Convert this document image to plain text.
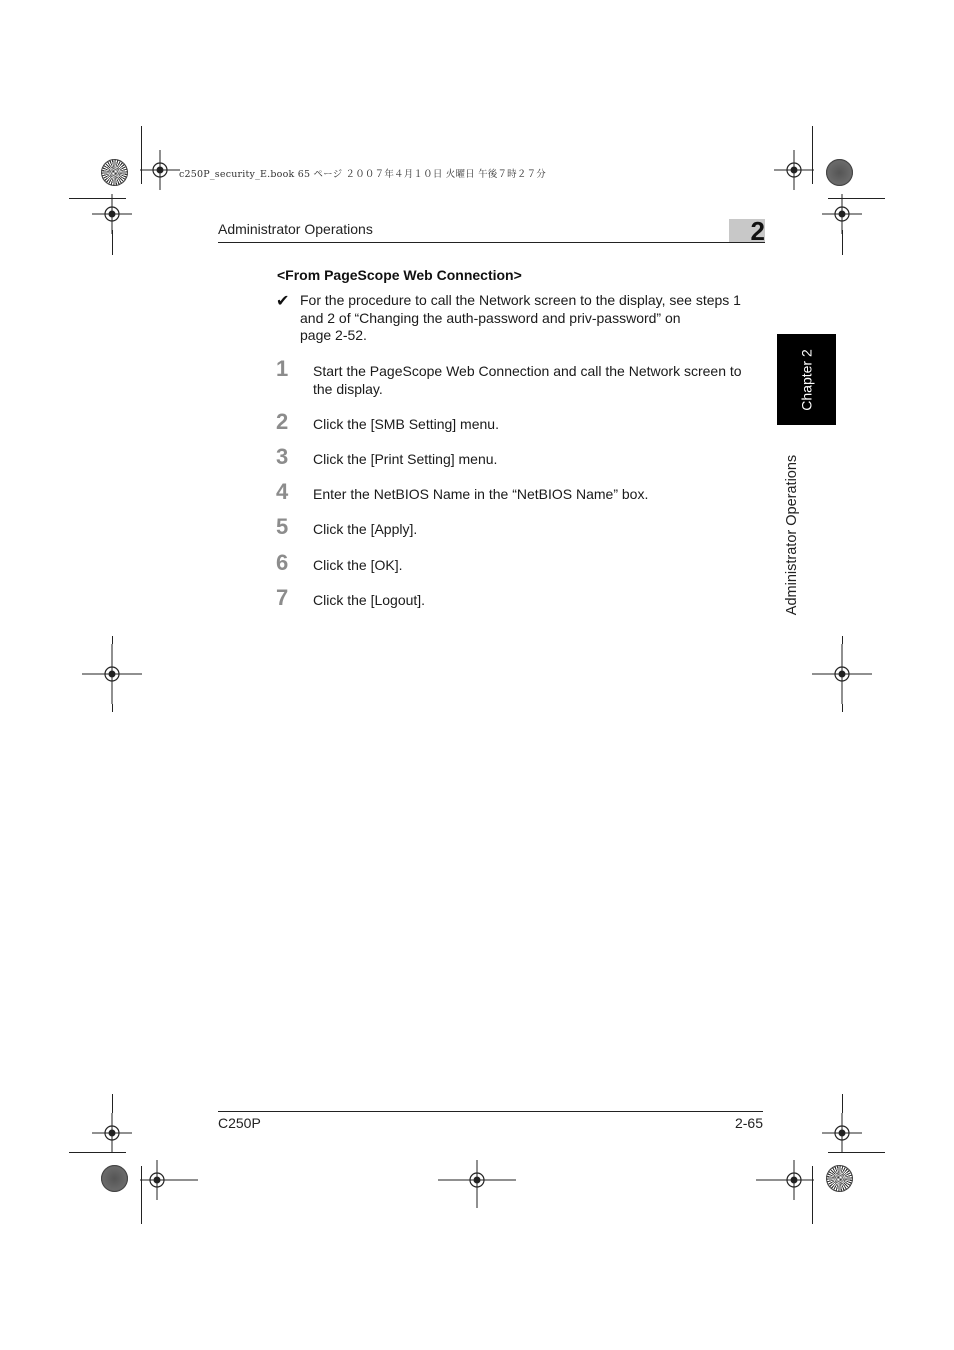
c250P_security_E.book 65 ページ ２００７年４月１０日 火曜日 午後７時２７分
Administrator Operations	2
Chapter 2
Administrator Operations
<From PageScope Web Connection>
✔ For the procedure to call the Network screen to the display, see steps 1
and 2 of “Changing the auth-password and priv-password” on
page 2-52.
1	Start the PageScope Web Connection and call the Network screen to
the display.
2	Click the [SMB Setting] menu.
3	Click the [Print Setting] menu.
4	Enter the NetBIOS Name in the “NetBIOS Name” box.
5	Click the [Apply].
6	Click the [OK].
7	Click the [Logout].
C250P	2-65
